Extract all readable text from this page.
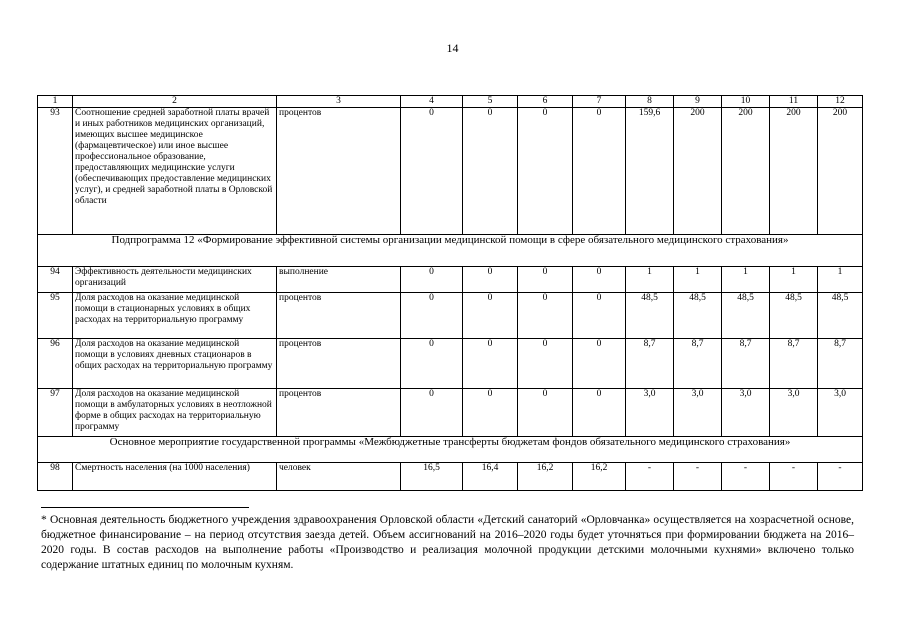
14
1	2	3	4	5	6	7	8	9	10	11	12
93	Соотношение средней заработной платы врачей и иных работников медицинских организаций, имеющих высшее медицинское (фармацевтическое) или иное высшее профессиональное образование, предоставляющих медицинские услуги (обеспечивающих предоставление медицинских услуг), и средней заработной платы в Орловской области	процентов	0	0	0	0	159,6	200	200	200	200
Подпрограмма 12 «Формирование эффективной системы организации медицинской помощи в сфере обязательного медицинского страхования»											
94	Эффективность деятельности медицинских организаций	выполнение	0	0	0	0	1	1	1	1	1
95	Доля расходов на оказание медицинской помощи в стационарных условиях в общих расходах на территориальную программу	процентов	0	0	0	0	48,5	48,5	48,5	48,5	48,5
96	Доля расходов на оказание медицинской помощи в условиях дневных стационаров в общих расходах на территориальную программу	процентов	0	0	0	0	8,7	8,7	8,7	8,7	8,7
97	Доля расходов на оказание медицинской помощи в амбулаторных условиях в неотложной форме в общих расходах на территориальную программу	процентов	0	0	0	0	3,0	3,0	3,0	3,0	3,0
Основное мероприятие государственной программы «Межбюджетные трансферты бюджетам фондов обязательного медицинского страхования»											
98	Смертность населения (на 1000 населения)	человек	16,5	16,4	16,2	16,2	-	-	-	-	-
* Основная деятельность бюджетного учреждения здравоохранения Орловской области «Детский санаторий «Орловчанка» осуществляется на хозрасчетной основе, бюджетное финансирование – на период отсутствия заезда детей. Объем ассигнований на 2016–2020 годы будет уточняться при формировании бюджета на 2016–2020 годы. В состав расходов на выполнение работы «Производство и реализация молочной продукции детскими молочными кухнями» включено только содержание штатных единиц по молочным кухням.
